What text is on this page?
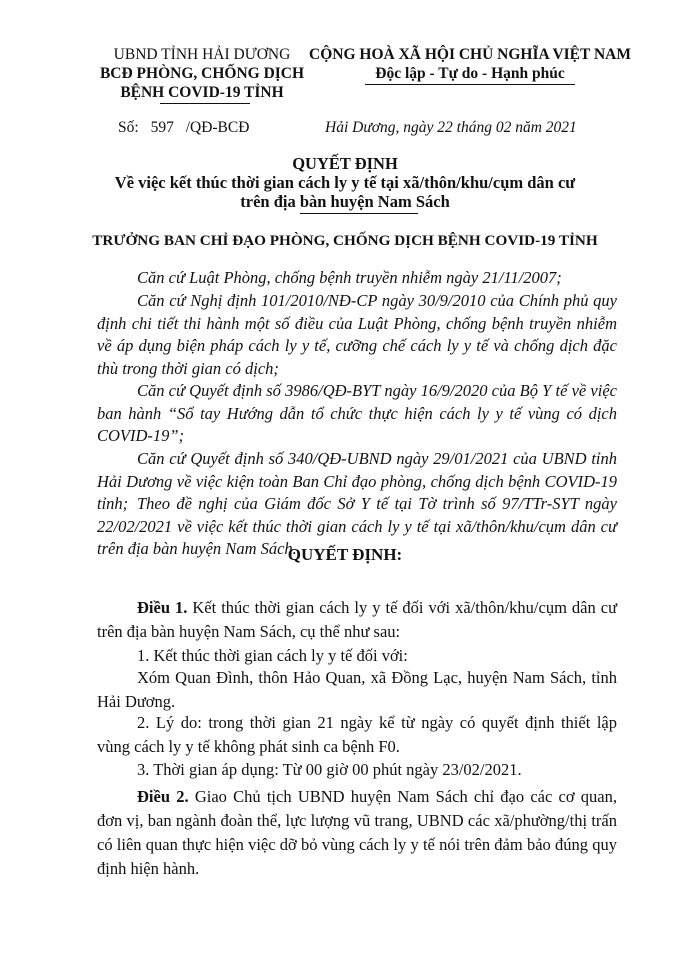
UBND TỈNH HẢI DƯƠNG
BCĐ PHÒNG, CHỐNG DỊCH
BỆNH COVID-19 TỈNH
CỘNG HOÀ XÃ HỘI CHỦ NGHĨA VIỆT NAM
Độc lập - Tự do - Hạnh phúc
Số: 597 /QĐ-BCĐ	Hải Dương, ngày 22 tháng 02 năm 2021
QUYẾT ĐỊNH
Về việc kết thúc thời gian cách ly y tế tại xã/thôn/khu/cụm dân cư
trên địa bàn huyện Nam Sách
TRƯỞNG BAN CHỈ ĐẠO PHÒNG, CHỐNG DỊCH BỆNH COVID-19 TỈNH
Căn cứ Luật Phòng, chống bệnh truyền nhiễm ngày 21/11/2007;
Căn cứ Nghị định 101/2010/NĐ-CP ngày 30/9/2010 của Chính phủ quy định chi tiết thi hành một số điều của Luật Phòng, chống bệnh truyền nhiễm về áp dụng biện pháp cách ly y tế, cưỡng chế cách ly y tế và chống dịch đặc thù trong thời gian có dịch;
Căn cứ Quyết định số 3986/QĐ-BYT ngày 16/9/2020 của Bộ Y tế về việc ban hành “Sổ tay Hướng dẫn tổ chức thực hiện cách ly y tế vùng có dịch COVID-19”;
Căn cứ Quyết định số 340/QĐ-UBND ngày 29/01/2021 của UBND tỉnh Hải Dương về việc kiện toàn Ban Chỉ đạo phòng, chống dịch bệnh COVID-19 tỉnh; Theo đề nghị của Giám đốc Sở Y tế tại Tờ trình số 97/TTr-SYT ngày 22/02/2021 về việc kết thúc thời gian cách ly y tế tại xã/thôn/khu/cụm dân cư trên địa bàn huyện Nam Sách.
QUYẾT ĐỊNH:
Điều 1. Kết thúc thời gian cách ly y tế đối với xã/thôn/khu/cụm dân cư trên địa bàn huyện Nam Sách, cụ thể như sau:
1. Kết thúc thời gian cách ly y tế đối với:
Xóm Quan Đình, thôn Hảo Quan, xã Đồng Lạc, huyện Nam Sách, tỉnh Hải Dương.
2. Lý do: trong thời gian 21 ngày kể từ ngày có quyết định thiết lập vùng cách ly y tế không phát sinh ca bệnh F0.
3. Thời gian áp dụng: Từ 00 giờ 00 phút ngày 23/02/2021.
Điều 2. Giao Chủ tịch UBND huyện Nam Sách chỉ đạo các cơ quan, đơn vị, ban ngành đoàn thể, lực lượng vũ trang, UBND các xã/phường/thị trấn có liên quan thực hiện việc dỡ bỏ vùng cách ly y tế nói trên đảm bảo đúng quy định hiện hành.
